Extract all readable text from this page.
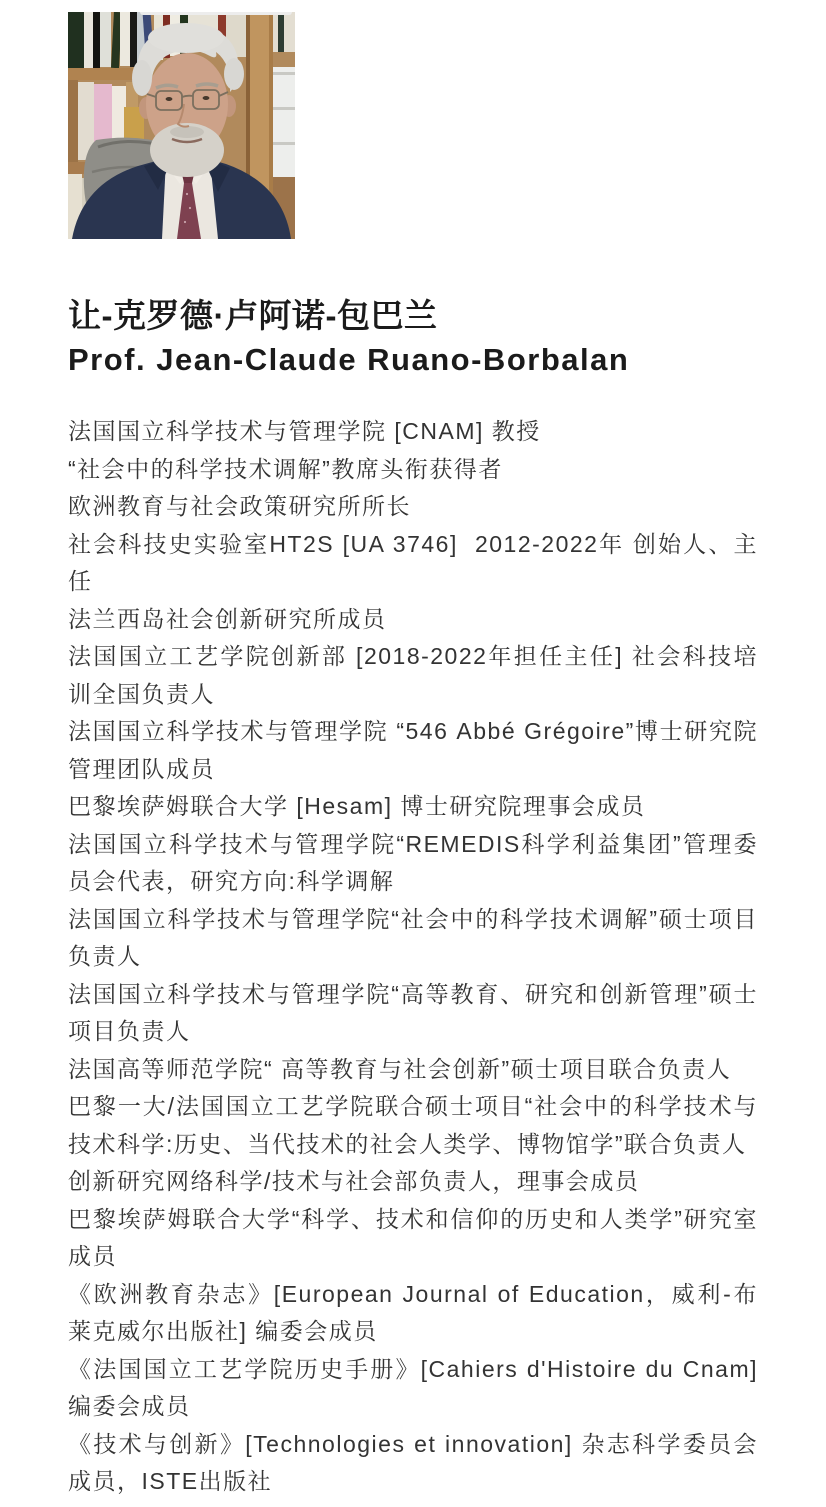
让-克罗德·卢阿诺-包巴兰
Prof. Jean-Claude Ruano-Borbalan

法国国立科学技术与管理学院 [CNAM] 教授

“社会中的科学技术调解”教席头衔获得者

欧洲教育与社会政策研究所所长

社会科技史实验室HT2S [UA 3746]  2012-2022年 创始人、主任

法兰西岛社会创新研究所成员

法国国立工艺学院创新部 [2018-2022年担任主任] 社会科技培训全国负责人

法国国立科学技术与管理学院 “546 Abbé Grégoire”博士研究院管理团队成员

巴黎埃萨姆联合大学 [Hesam] 博士研究院理事会成员

法国国立科学技术与管理学院“REMEDIS科学利益集团”管理委员会代表，研究方向:科学调解

法国国立科学技术与管理学院“社会中的科学技术调解”硕士项目负责人

法国国立科学技术与管理学院“高等教育、研究和创新管理”硕士项目负责人

法国高等师范学院“ 高等教育与社会创新”硕士项目联合负责人

巴黎一大/法国国立工艺学院联合硕士项目“社会中的科学技术与技术科学:历史、当代技术的社会人类学、博物馆学”联合负责人

创新研究网络科学/技术与社会部负责人，理事会成员

巴黎埃萨姆联合大学“科学、技术和信仰的历史和人类学”研究室成员

《欧洲教育杂志》[European Journal of Education，威利-布莱克威尔出版社] 编委会成员

《法国国立工艺学院历史手册》[Cahiers d'Histoire du Cnam] 编委会成员

《技术与创新》[Technologies et innovation] 杂志科学委员会成员，ISTE出版社
